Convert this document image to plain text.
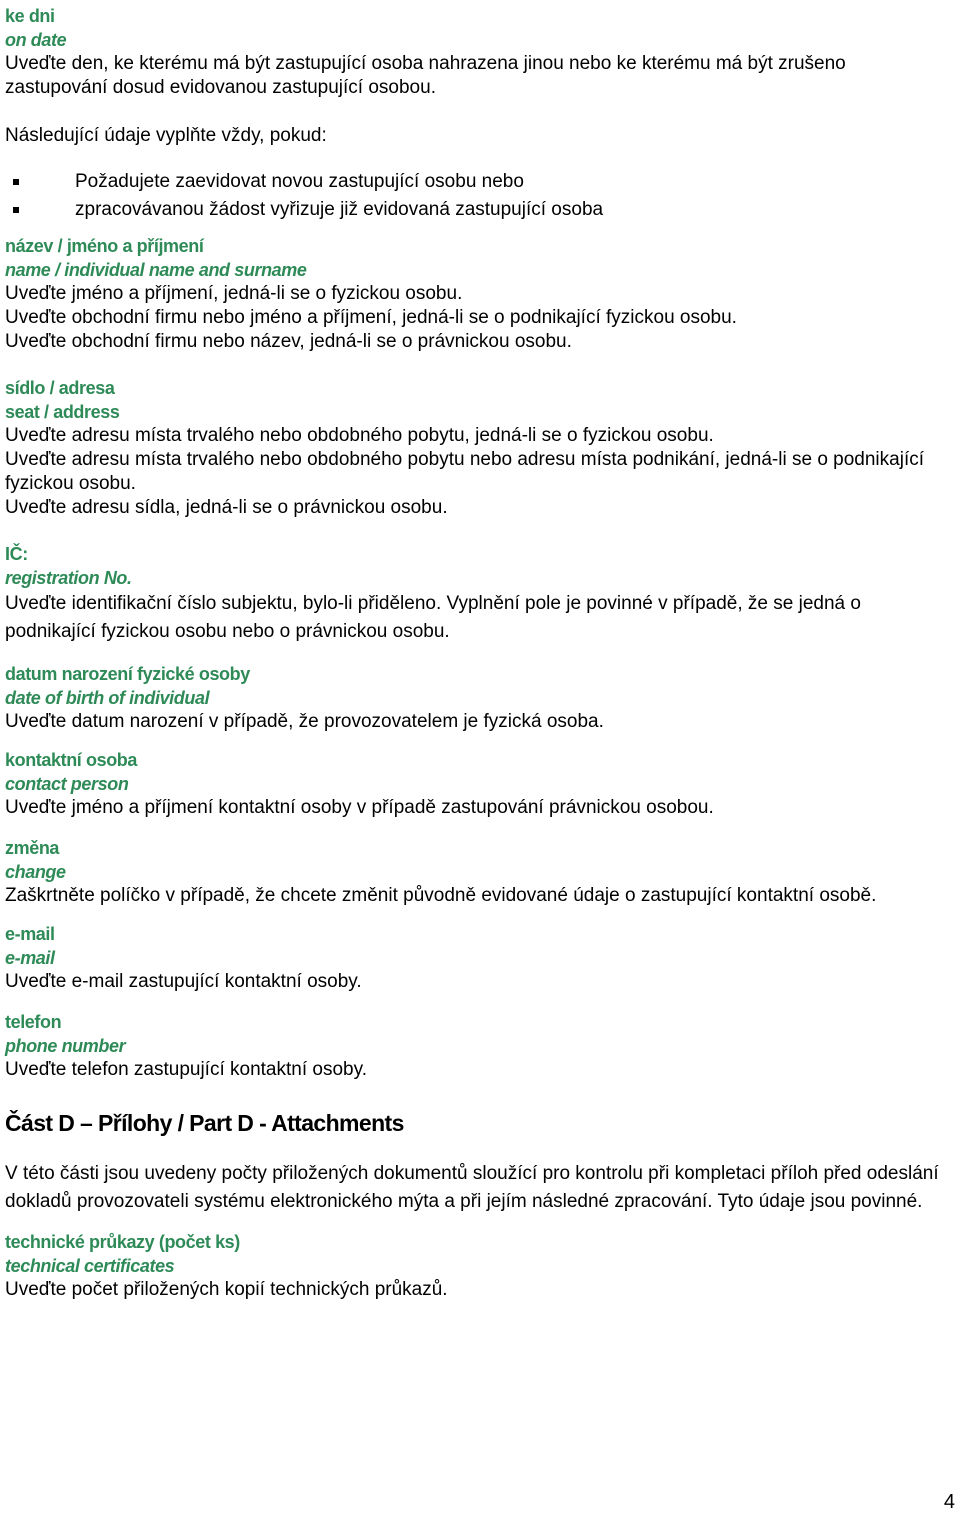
ke dni
on date

Uveďte den, ke kterému má být zastupující osoba nahrazena jinou nebo ke kterému má být zrušeno zastupování dosud evidovanou zastupující osobou.

Následující údaje vyplňte vždy, pokud:

Požadujete zaevidovat novou zastupující osobu nebo
zpracovávanou žádost vyřizuje již evidovaná zastupující osoba
název / jméno a příjmení
name / individual name and surname

Uveďte jméno a příjmení, jedná-li se o fyzickou osobu.

Uveďte obchodní firmu nebo jméno a příjmení, jedná-li se o podnikající fyzickou osobu.

Uveďte obchodní firmu nebo název, jedná-li se o právnickou osobu.

sídlo / adresa
seat / address

Uveďte adresu místa trvalého nebo obdobného pobytu, jedná-li se o fyzickou osobu.

Uveďte adresu místa trvalého nebo obdobného pobytu nebo adresu místa podnikání, jedná-li se o podnikající fyzickou osobu.

Uveďte adresu sídla, jedná-li se o právnickou osobu.

IČ:
registration No.

Uveďte identifikační číslo subjektu, bylo-li přiděleno. Vyplnění pole je povinné v případě, že se jedná o podnikající fyzickou osobu nebo o právnickou osobu.

datum narození fyzické osoby
date of birth of individual

Uveďte datum narození v případě, že provozovatelem je fyzická osoba.

kontaktní osoba
contact person

Uveďte jméno a příjmení kontaktní osoby v případě zastupování právnickou osobou.

změna
change

Zaškrtněte políčko v případě, že chcete změnit původně evidované údaje o zastupující kontaktní osobě.

e-mail
e-mail

Uveďte e-mail zastupující kontaktní osoby.

telefon
phone number

Uveďte telefon zastupující kontaktní osoby.

Část D – Přílohy / Part D - Attachments

V této části jsou uvedeny počty přiložených dokumentů sloužící pro kontrolu při kompletaci příloh před odeslání dokladů provozovateli systému elektronického mýta a při jejím následné zpracování. Tyto údaje jsou povinné.

technické průkazy (počet ks)
technical certificates

Uveďte počet přiložených kopií technických průkazů.

4
